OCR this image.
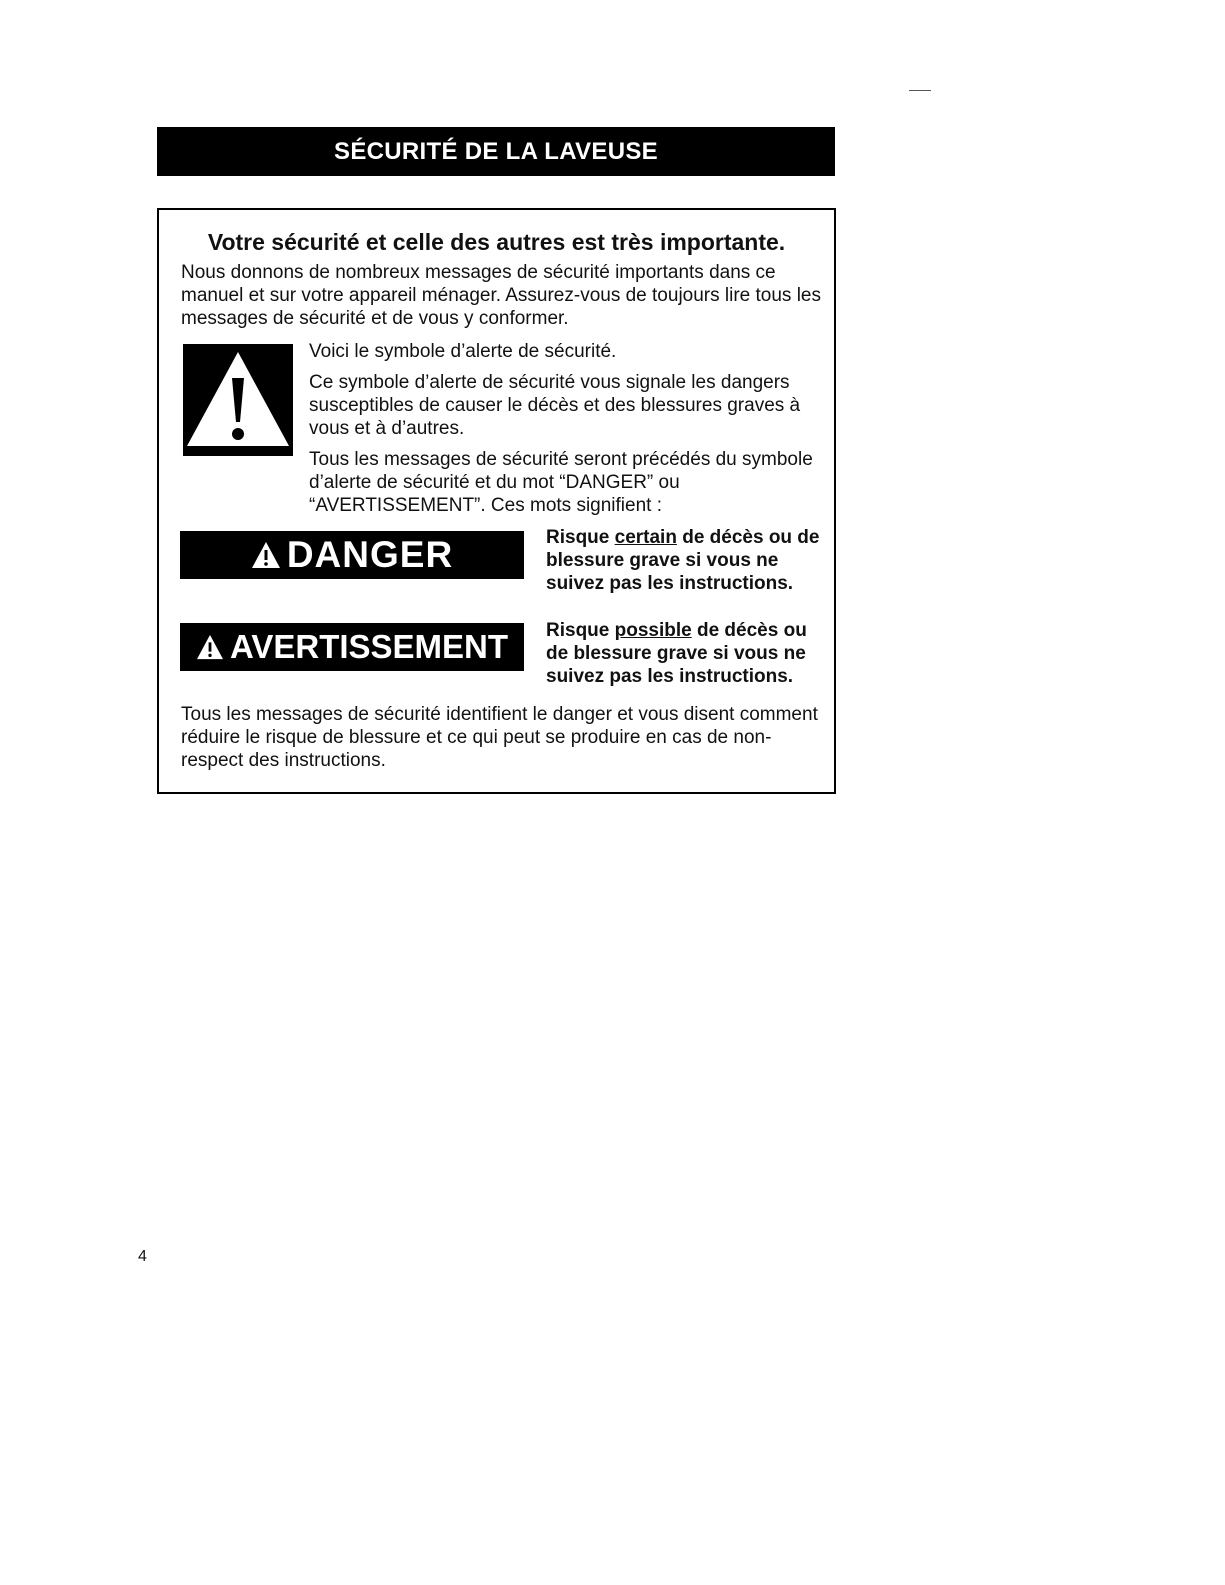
SÉCURITÉ DE LA LAVEUSE
Votre sécurité et celle des autres est très importante.
Nous donnons de nombreux messages de sécurité importants dans ce manuel et sur votre appareil ménager. Assurez-vous de toujours lire tous les messages de sécurité et de vous y conformer.

Voici le symbole d’alerte de sécurité.

Ce symbole d’alerte de sécurité vous signale les dangers susceptibles de causer le décès et des blessures graves à vous et à d’autres.

Tous les messages de sécurité seront précédés du symbole d’alerte de sécurité et du mot “DANGER” ou “AVERTISSEMENT”. Ces mots signifient :

DANGER	Risque certain de décès ou de blessure grave si vous ne suivez pas les instructions.
AVERTISSEMENT Risque possible de décès ou de blessure grave si vous ne suivez pas les instructions.
Tous les messages de sécurité identifient le danger et vous disent comment réduire le risque de blessure et ce qui peut se produire en cas de non-respect des instructions.
4
